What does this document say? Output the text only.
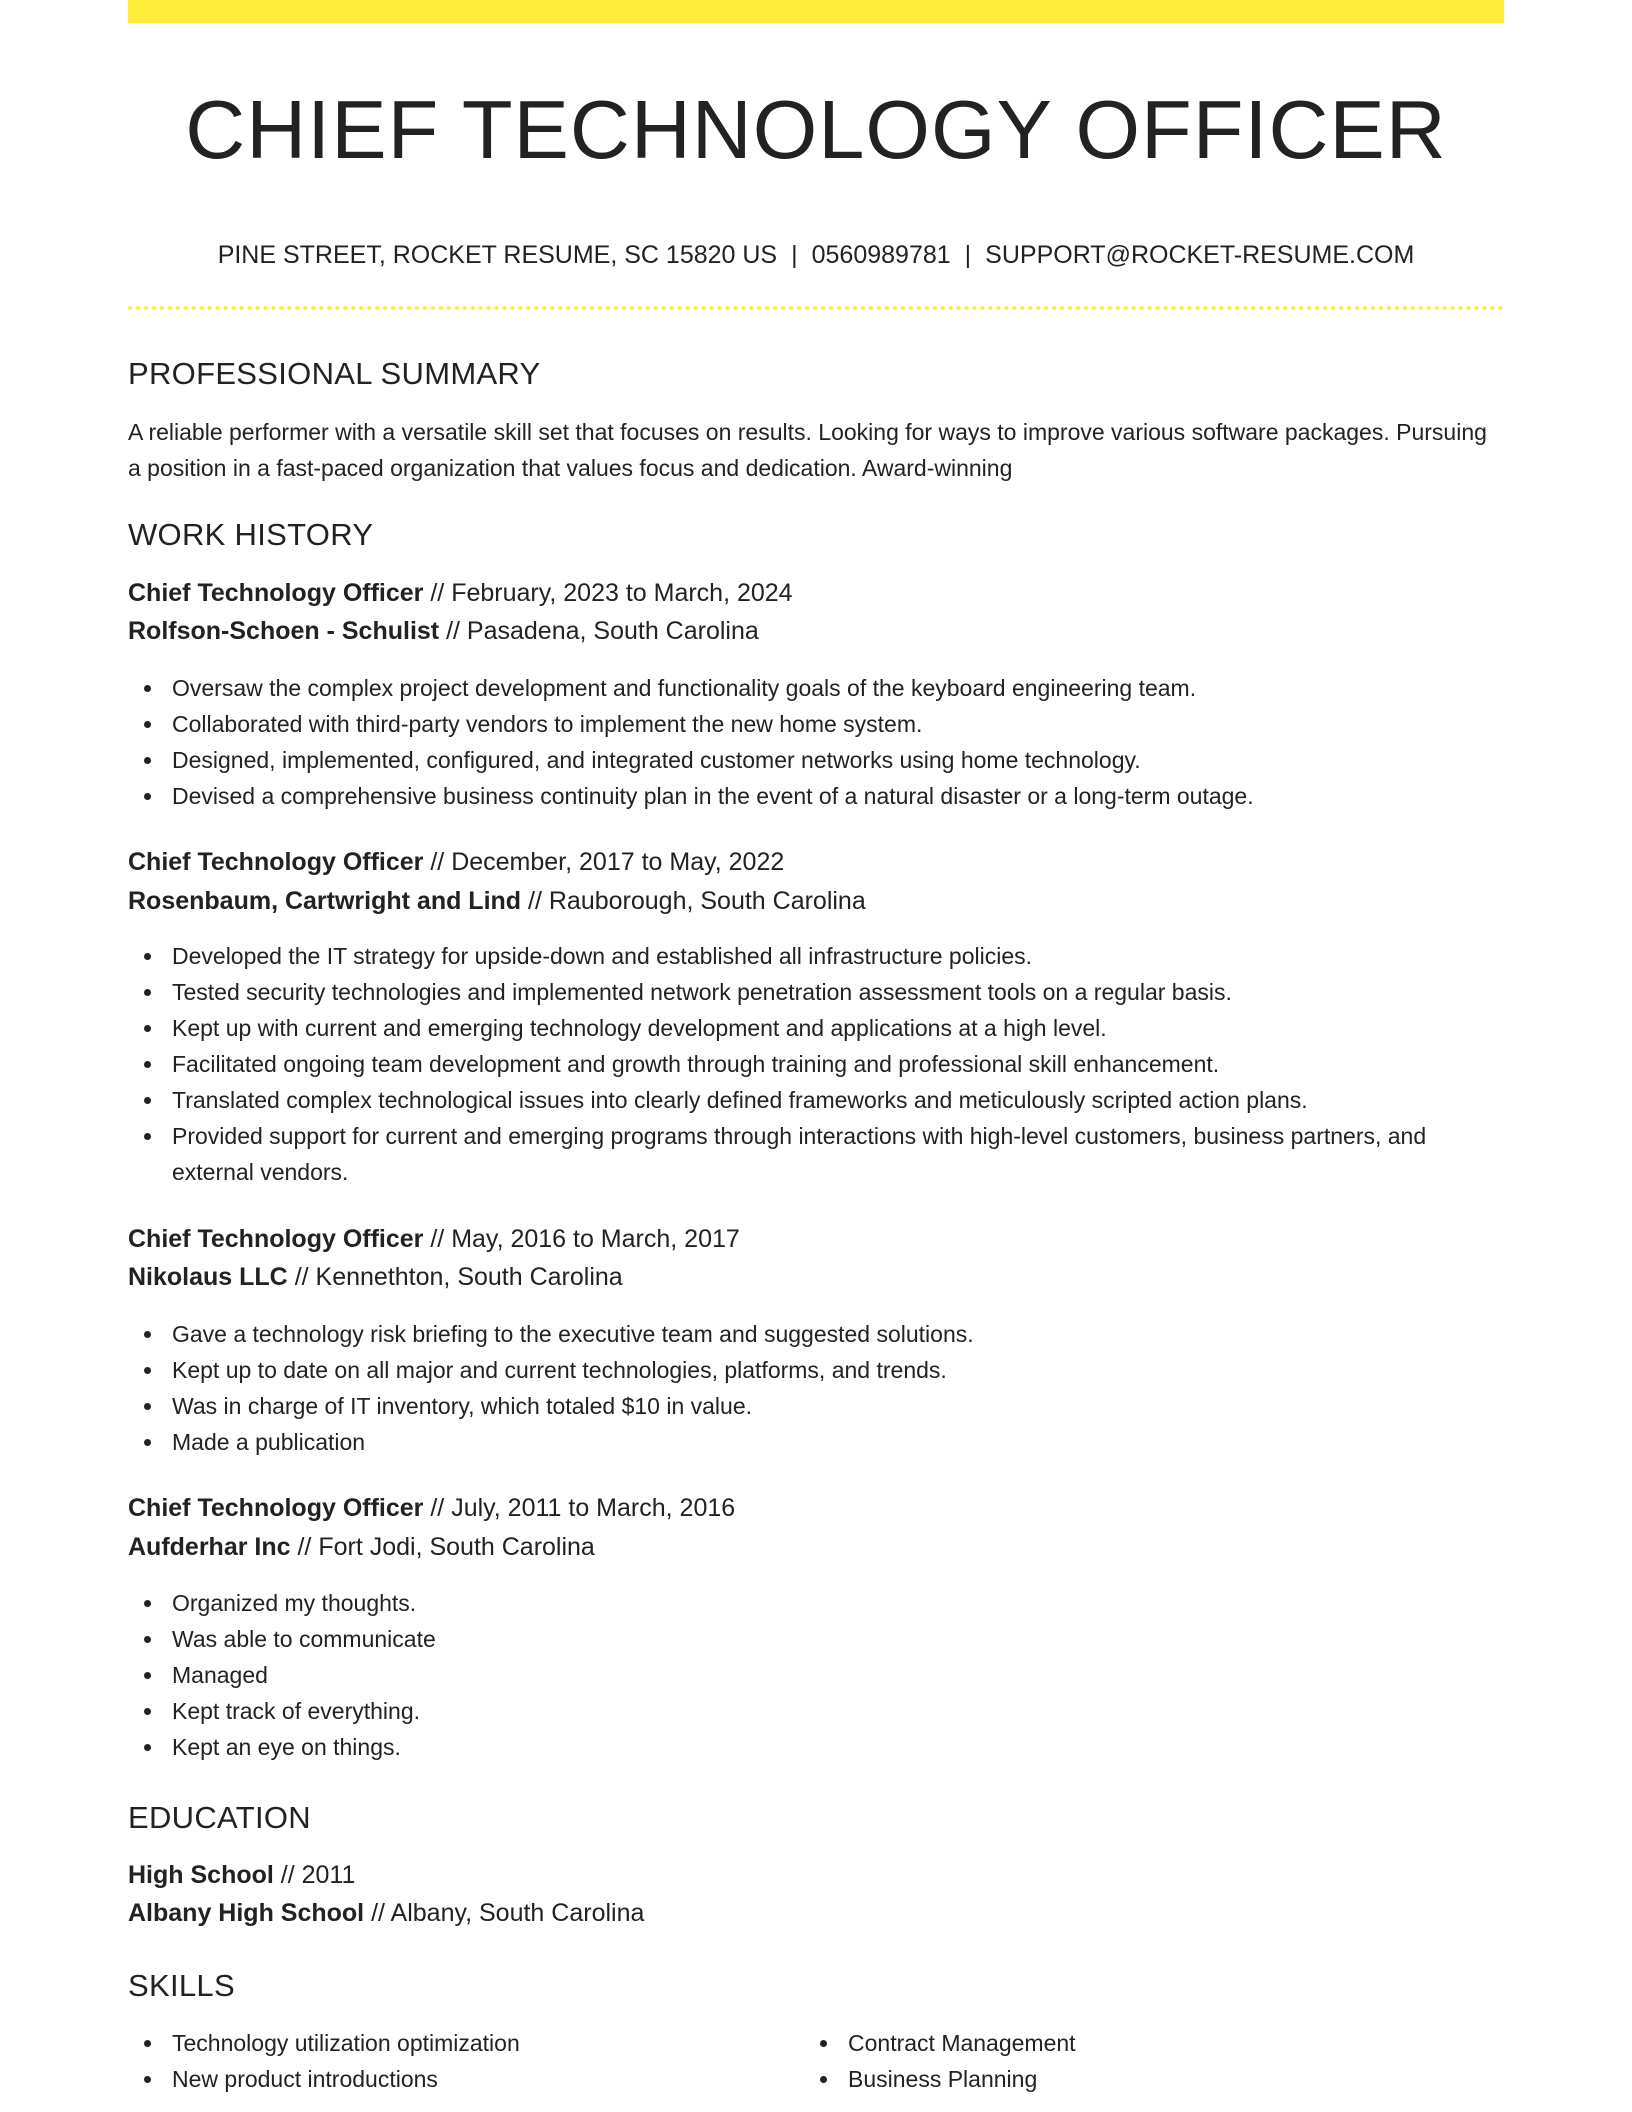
CHIEF TECHNOLOGY OFFICER
PINE STREET, ROCKET RESUME, SC 15820 US | 0560989781 | SUPPORT@ROCKET-RESUME.COM
PROFESSIONAL SUMMARY

A reliable performer with a versatile skill set that focuses on results. Looking for ways to improve various software packages. Pursuing a position in a fast-paced organization that values focus and dedication. Award-winning

WORK HISTORY
Chief Technology Officer // February, 2023 to March, 2024
Rolfson-Schoen - Schulist // Pasadena, South Carolina
Oversaw the complex project development and functionality goals of the keyboard engineering team.
Collaborated with third-party vendors to implement the new home system.
Designed, implemented, configured, and integrated customer networks using home technology.
Devised a comprehensive business continuity plan in the event of a natural disaster or a long-term outage.
Chief Technology Officer // December, 2017 to May, 2022
Rosenbaum, Cartwright and Lind // Rauborough, South Carolina
Developed the IT strategy for upside-down and established all infrastructure policies.
Tested security technologies and implemented network penetration assessment tools on a regular basis.
Kept up with current and emerging technology development and applications at a high level.
Facilitated ongoing team development and growth through training and professional skill enhancement.
Translated complex technological issues into clearly defined frameworks and meticulously scripted action plans.
Provided support for current and emerging programs through interactions with high-level customers, business partners, and external vendors.
Chief Technology Officer // May, 2016 to March, 2017
Nikolaus LLC // Kennethton, South Carolina
Gave a technology risk briefing to the executive team and suggested solutions.
Kept up to date on all major and current technologies, platforms, and trends.
Was in charge of IT inventory, which totaled $10 in value.
Made a publication
Chief Technology Officer // July, 2011 to March, 2016
Aufderhar Inc // Fort Jodi, South Carolina
Organized my thoughts.
Was able to communicate
Managed
Kept track of everything.
Kept an eye on things.
EDUCATION
High School // 2011
Albany High School // Albany, South Carolina
SKILLS
Technology utilization optimization
New product introductions
Contract Management
Business Planning
